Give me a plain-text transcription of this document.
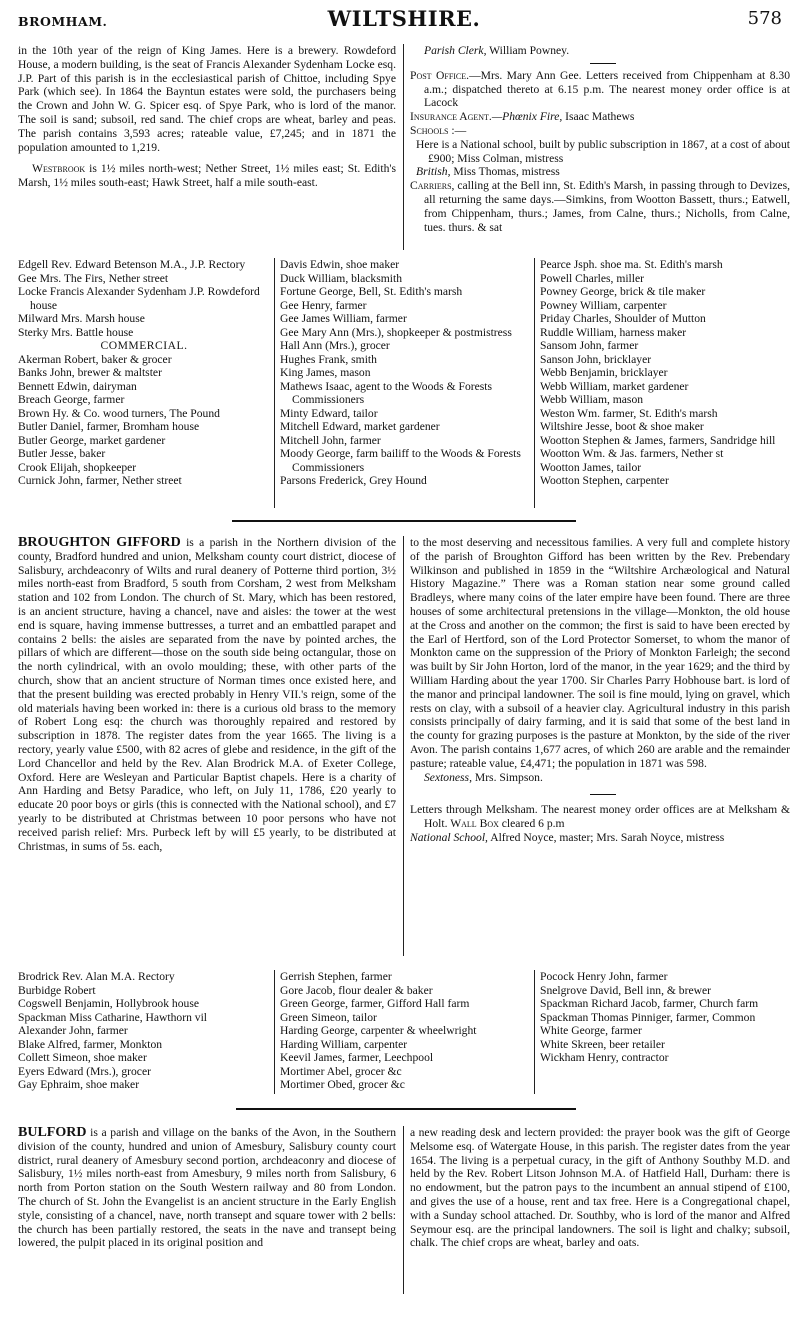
BROMHAM.	WILTSHIRE.	578

in the 10th year of the reign of King James. Here is a brewery. Rowdeford House, a modern building, is the seat of Francis Alexander Sydenham Locke esq. J.P. Part of this parish is in the ecclesiastical parish of Chittoe, including Spye Park (which see). In 1864 the Bayntun estates were sold, the purchasers being the Crown and John W. G. Spicer esq. of Spye Park, who is lord of the manor. The soil is sand; subsoil, red sand. The chief crops are wheat, barley and peas. The parish contains 3,593 acres; rateable value, £7,245; and in 1871 the population amounted to 1,219.

Westbrook is 1½ miles north-west; Nether Street, 1½ miles east; St. Edith's Marsh, 1½ miles south-east; Hawk Street, half a mile south-east.

Parish Clerk, William Powney.

Post Office.—Mrs. Mary Ann Gee. Letters received from Chippenham at 8.30 a.m.; dispatched thereto at 6.15 p.m. The nearest money order office is at Lacock

Insurance Agent.—Phœnix Fire, Isaac Mathews

Schools :—

Here is a National school, built by public subscription in 1867, at a cost of about £900; Miss Colman, mistress

British, Miss Thomas, mistress

Carriers, calling at the Bell inn, St. Edith's Marsh, in passing through to Devizes, all returning the same days.—Simkins, from Wootton Bassett, thurs.; Eatwell, from Chippenham, thurs.; James, from Calne, thurs.; Nicholls, from Calne, tues. thurs. & sat

Edgell Rev. Edward Betenson M.A., J.P. Rectory
Gee Mrs. The Firs, Nether street
Locke Francis Alexander Sydenham J.P. Rowdeford house
Milward Mrs. Marsh house
Sterky Mrs. Battle house
COMMERCIAL.
Akerman Robert, baker & grocer
Banks John, brewer & maltster
Bennett Edwin, dairyman
Breach George, farmer
Brown Hy. & Co. wood turners, The Pound
Butler Daniel, farmer, Bromham house
Butler George, market gardener
Butler Jesse, baker
Crook Elijah, shopkeeper
Curnick John, farmer, Nether street
Davis Edwin, shoe maker
Duck William, blacksmith
Fortune George, Bell, St. Edith's marsh
Gee Henry, farmer
Gee James William, farmer
Gee Mary Ann (Mrs.), shopkeeper & postmistress
Hall Ann (Mrs.), grocer
Hughes Frank, smith
King James, mason
Mathews Isaac, agent to the Woods & Forests Commissioners
Minty Edward, tailor
Mitchell Edward, market gardener
Mitchell John, farmer
Moody George, farm bailiff to the Woods & Forests Commissioners
Parsons Frederick, Grey Hound
Pearce Jsph. shoe ma. St. Edith's marsh
Powell Charles, miller
Powney George, brick & tile maker
Powney William, carpenter
Priday Charles, Shoulder of Mutton
Ruddle William, harness maker
Sansom John, farmer
Sanson John, bricklayer
Webb Benjamin, bricklayer
Webb William, market gardener
Webb William, mason
Weston Wm. farmer, St. Edith's marsh
Wiltshire Jesse, boot & shoe maker
Wootton Stephen & James, farmers, Sandridge hill
Wootton Wm. & Jas. farmers, Nether st
Wootton James, tailor
Wootton Stephen, carpenter

BROUGHTON GIFFORD is a parish in the Northern division of the county, Bradford hundred and union, Melksham county court district, diocese of Salisbury, archdeaconry of Wilts and rural deanery of Potterne third portion, 3½ miles north-east from Bradford, 5 south from Corsham, 2 west from Melksham station and 102 from London. The church of St. Mary, which has been restored, is an ancient structure, having a chancel, nave and aisles: the tower at the west end is square, having immense buttresses, a turret and an embattled parapet and contains 2 bells: the aisles are separated from the nave by pointed arches, the pillars of which are different—those on the south side being octangular, those on the north cylindrical, with an ovolo moulding; these, with other parts of the church, show that an ancient structure of Norman times once existed here, and that the present building was erected probably in Henry VII.'s reign, some of the old materials having been worked in: there is a curious old brass to the memory of Robert Long esq: the church was thoroughly repaired and restored by subscription in 1878. The register dates from the year 1665. The living is a rectory, yearly value £500, with 82 acres of glebe and residence, in the gift of the Lord Chancellor and held by the Rev. Alan Brodrick M.A. of Exeter College, Oxford. Here are Wesleyan and Particular Baptist chapels. Here is a charity of Ann Harding and Betsy Paradice, who left, on July 11, 1786, £20 yearly to educate 20 poor boys or girls (this is connected with the National school), and £7 yearly to be distributed at Christmas between 10 poor persons who have not received parish relief: Mrs. Purbeck left by will £5 yearly, to be distributed at Christmas, in sums of 5s. each,

to the most deserving and necessitous families. A very full and complete history of the parish of Broughton Gifford has been written by the Rev. Prebendary Wilkinson and published in 1859 in the “Wiltshire Archæological and Natural History Magazine.” There was a Roman station near some ground called Bradleys, where many coins of the later empire have been found. There are three houses of some architectural pretensions in the village—Monkton, the old house at the Cross and another on the common; the first is said to have been erected by the Earl of Hertford, son of the Lord Protector Somerset, to whom the manor of Monkton came on the suppression of the Priory of Monkton Farleigh; the second was built by Sir John Horton, lord of the manor, in the year 1629; and the third by William Harding about the year 1700. Sir Charles Parry Hobhouse bart. is lord of the manor and principal landowner. The soil is fine mould, lying on gravel, which rests on clay, with a subsoil of a heavier clay. Agricultural industry in this parish consists principally of dairy farming, and it is said that some of the best land in the county for grazing purposes is the pasture at Monkton, by the side of the river Avon. The parish contains 1,677 acres, of which 260 are arable and the remainder pasture; rateable value, £4,471; the population in 1871 was 598.

Sextoness, Mrs. Simpson.

Letters through Melksham. The nearest money order offices are at Melksham & Holt. Wall Box cleared 6 p.m

National School, Alfred Noyce, master; Mrs. Sarah Noyce, mistress

Brodrick Rev. Alan M.A. Rectory
Burbidge Robert
Cogswell Benjamin, Hollybrook house
Spackman Miss Catharine, Hawthorn vil
Alexander John, farmer
Blake Alfred, farmer, Monkton
Collett Simeon, shoe maker
Eyers Edward (Mrs.), grocer
Gay Ephraim, shoe maker
Gerrish Stephen, farmer
Gore Jacob, flour dealer & baker
Green George, farmer, Gifford Hall farm
Green Simeon, tailor
Harding George, carpenter & wheelwright
Harding William, carpenter
Keevil James, farmer, Leechpool
Mortimer Abel, grocer &c
Mortimer Obed, grocer &c
Pocock Henry John, farmer
Snelgrove David, Bell inn, & brewer
Spackman Richard Jacob, farmer, Church farm
Spackman Thomas Pinniger, farmer, Common
White George, farmer
White Skreen, beer retailer
Wickham Henry, contractor

BULFORD is a parish and village on the banks of the Avon, in the Southern division of the county, hundred and union of Amesbury, Salisbury county court district, rural deanery of Amesbury second portion, archdeaconry and diocese of Salisbury, 1½ miles north-east from Amesbury, 9 miles north from Salisbury, 6 north from Porton station on the South Western railway and 80 from London. The church of St. John the Evangelist is an ancient structure in the Early English style, consisting of a chancel, nave, north transept and square tower with 2 bells: the church has been partially restored, the seats in the nave and transept being lowered, the pulpit placed in its original position and

a new reading desk and lectern provided: the prayer book was the gift of George Melsome esq. of Watergate House, in this parish. The register dates from the year 1654. The living is a perpetual curacy, in the gift of Anthony Southby M.D. and held by the Rev. Robert Litson Johnson M.A. of Hatfield Hall, Durham: there is no endowment, but the patron pays to the incumbent an annual stipend of £100, and gives the use of a house, rent and tax free. Here is a Congregational chapel, with a Sunday school attached. Dr. Southby, who is lord of the manor and Alfred Seymour esq. are the principal landowners. The soil is light and chalky; subsoil, chalk. The chief crops are wheat, barley and oats.
